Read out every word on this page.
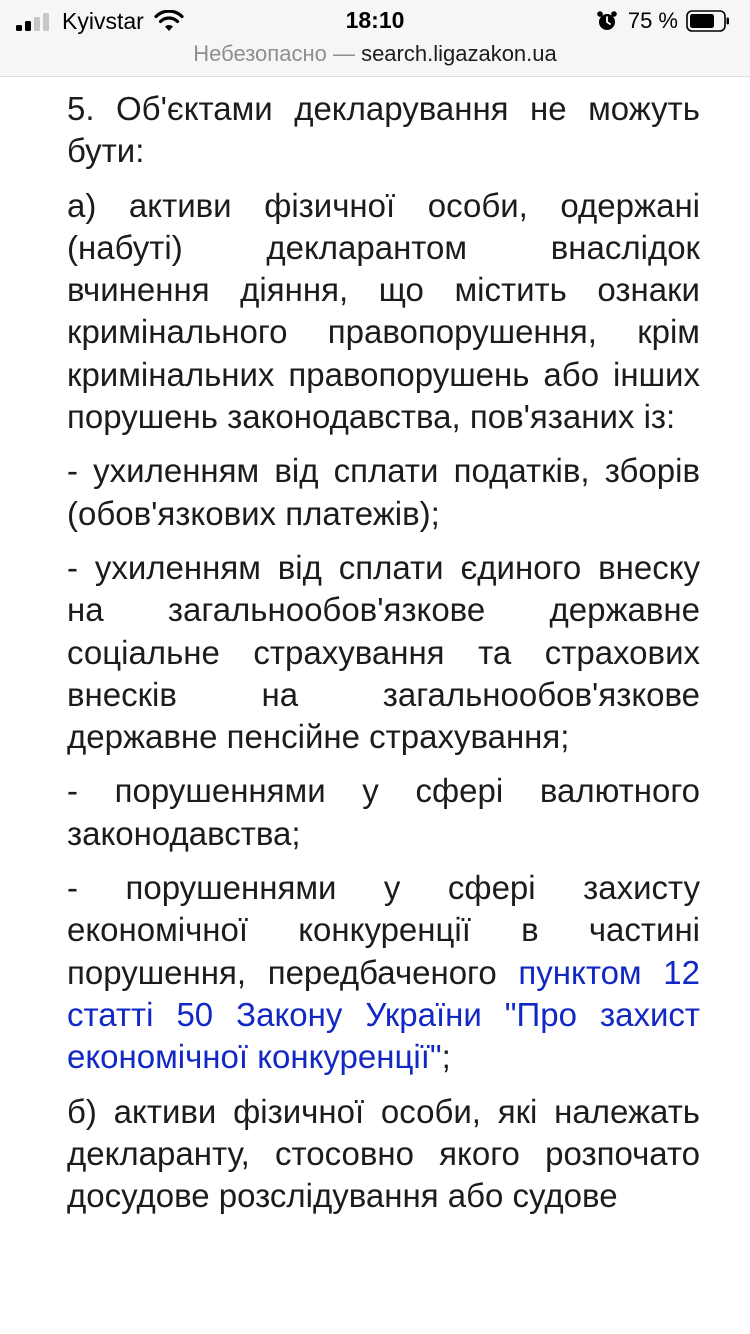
Kyivstar	18:10	75 %
Небезопасно — search.ligazakon.ua

5. Об'єктами декларування не можуть бути:

а) активи фізичної особи, одержані (набуті) декларантом внаслідок вчинення діяння, що містить ознаки кримінального правопорушення, крім кримінальних правопорушень або інших порушень законодавства, пов'язаних із:

- ухиленням від сплати податків, зборів (обов'язкових платежів);

- ухиленням від сплати єдиного внеску на загальнообов'язкове державне соціальне страхування та страхових внесків на загальнообов'язкове державне пенсійне страхування;

- порушеннями у сфері валютного законодавства;

- порушеннями у сфері захисту економічної конкуренції в частині порушення, передбаченого пунктом 12 статті 50 Закону України "Про захист економічної конкуренції";

б) активи фізичної особи, які належать декларанту, стосовно якого розпочато досудове розслідування або судове
